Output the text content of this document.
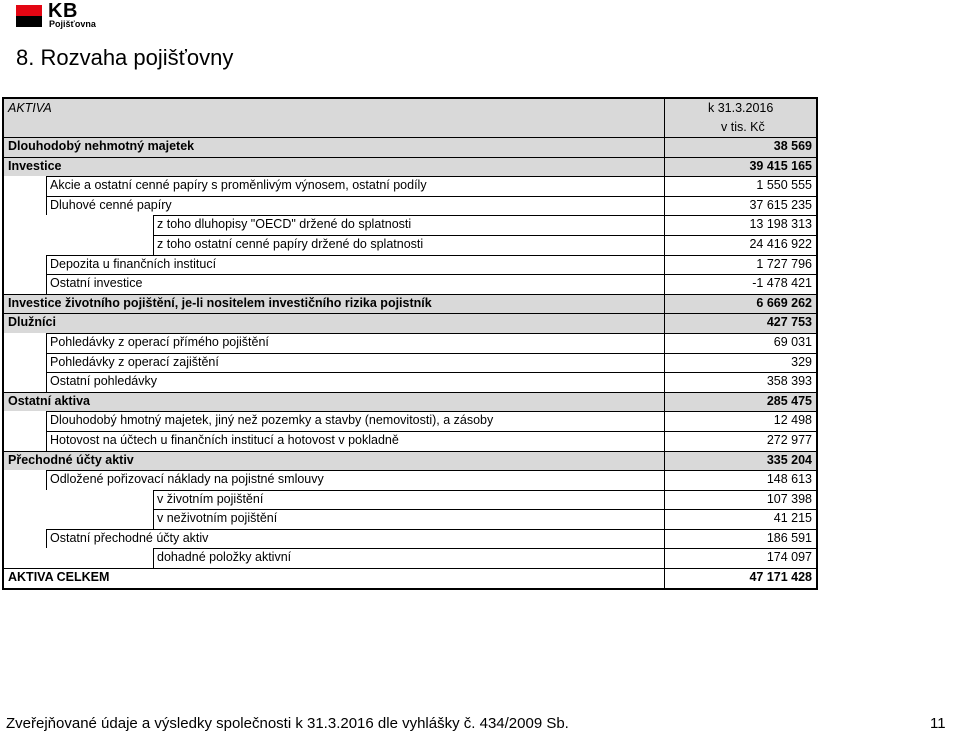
KB
Pojišťovna
8. Rozvaha pojišťovny
AKTIVA	k 31.3.2016
v tis. Kč
Dlouhodobý nehmotný majetek	38 569
Investice	39 415 165
Akcie a ostatní cenné papíry s proměnlivým výnosem, ostatní podíly	1 550 555
Dluhové cenné papíry	37 615 235
z toho dluhopisy "OECD" držené do splatnosti	13 198 313
z toho ostatní cenné papíry držené do splatnosti	24 416 922
Depozita u finančních institucí	1 727 796
Ostatní investice	-1 478 421
Investice životního pojištění, je-li nositelem investičního rizika pojistník	6 669 262
Dlužníci	427 753
Pohledávky z operací přímého pojištění	69 031
Pohledávky z operací zajištění	329
Ostatní pohledávky	358 393
Ostatní aktiva	285 475
Dlouhodobý hmotný majetek, jiný než pozemky a stavby (nemovitosti), a zásoby	12 498
Hotovost na účtech u finančních institucí a hotovost v pokladně	272 977
Přechodné účty aktiv	335 204
Odložené pořizovací náklady na pojistné smlouvy	148 613
v životním pojištění	107 398
v neživotním pojištění	41 215
Ostatní přechodné účty aktiv	186 591
dohadné položky aktivní	174 097
AKTIVA CELKEM	47 171 428
Zveřejňované údaje a výsledky společnosti k 31.3.2016 dle vyhlášky č. 434/2009 Sb.	11
